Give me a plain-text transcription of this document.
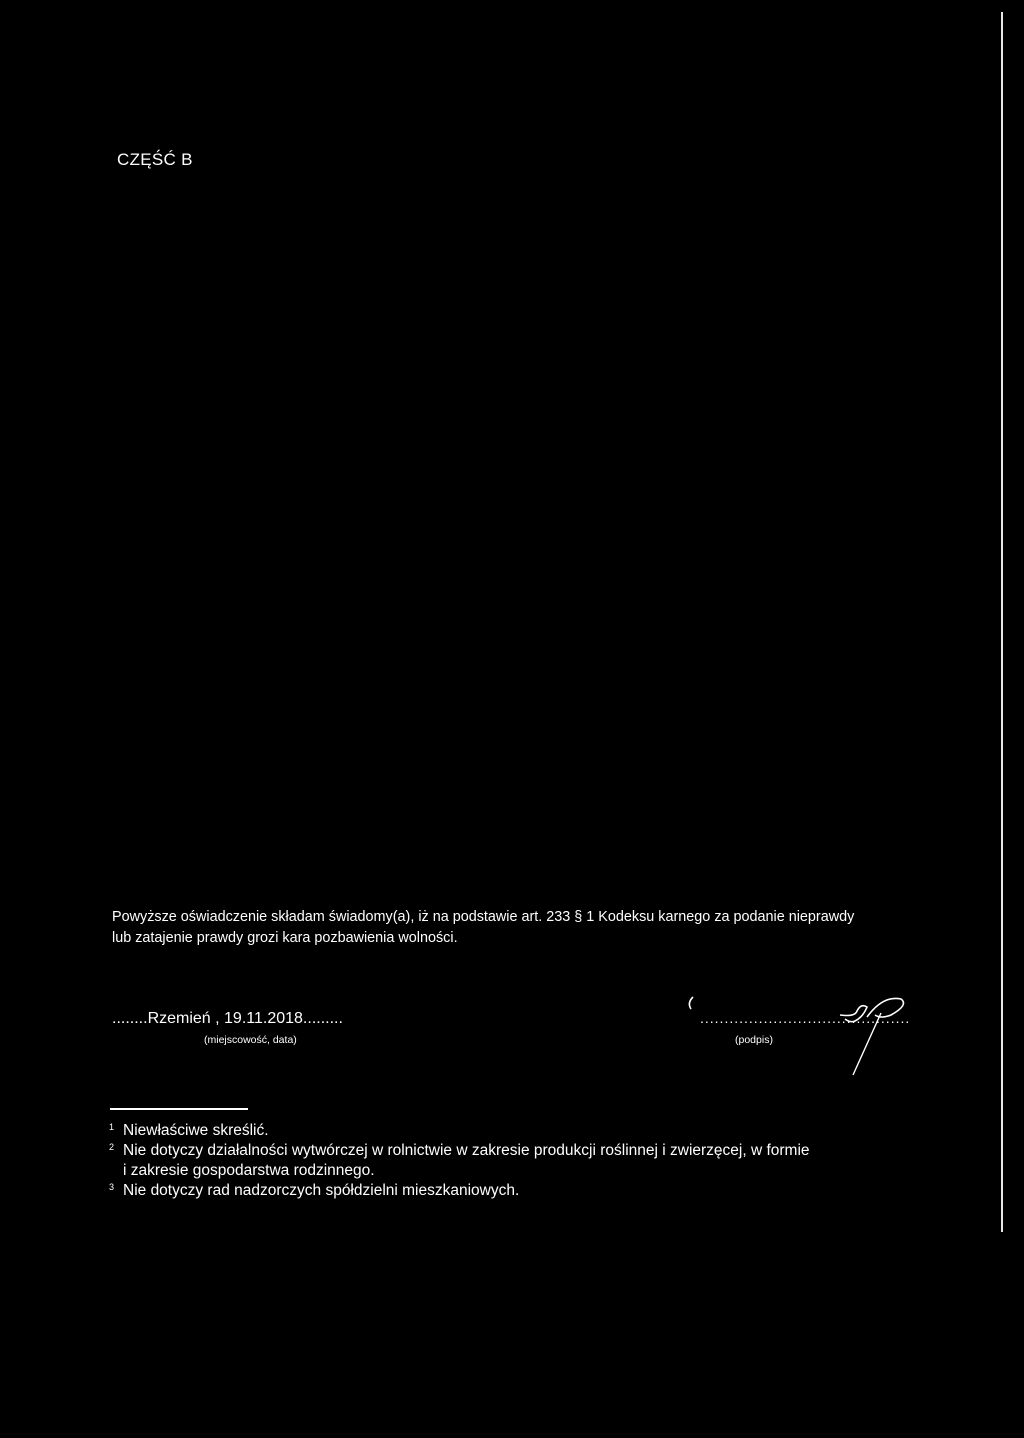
CZĘŚĆ B
Powyższe oświadczenie składam świadomy(a), iż na podstawie art. 233 § 1 Kodeksu karnego za podanie nieprawdy
lub zatajenie prawdy grozi kara pozbawienia wolności.
........Rzemień , 19.11.2018.........
(miejscowość, data)
...........................................
(podpis)
1 Niewłaściwe skreślić.
2 Nie dotyczy działalności wytwórczej w rolnictwie w zakresie produkcji roślinnej i zwierzęcej, w formie
i zakresie gospodarstwa rodzinnego.
3 Nie dotyczy rad nadzorczych spółdzielni mieszkaniowych.
